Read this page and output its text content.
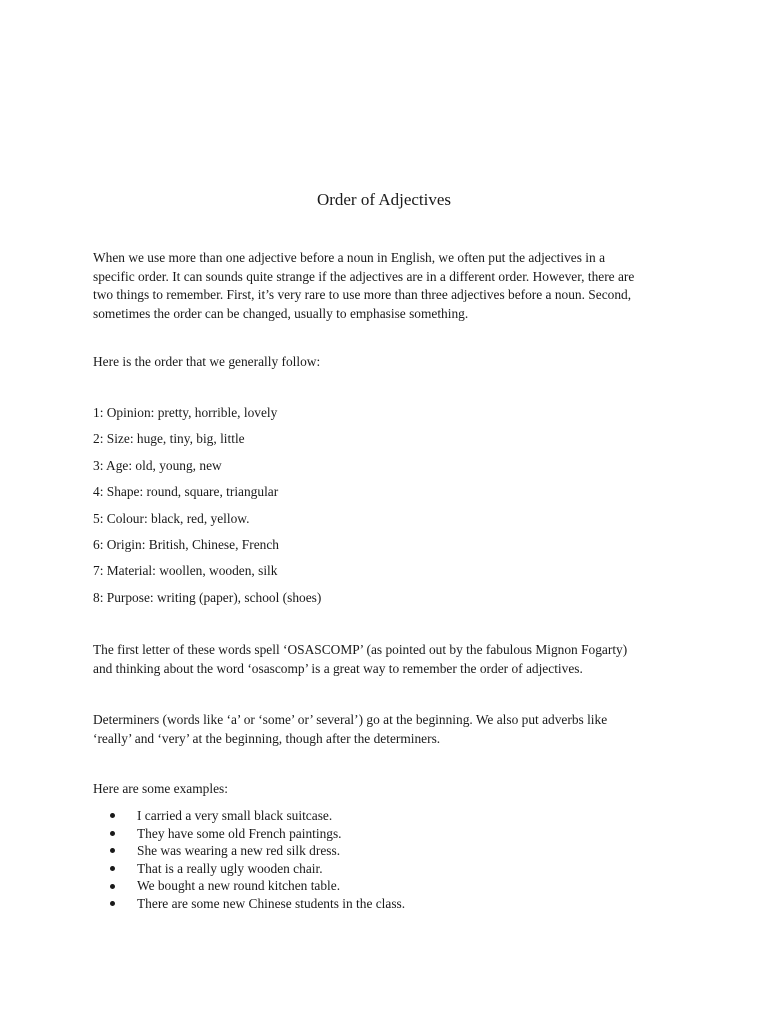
Order of Adjectives

When we use more than one adjective before a noun in English, we often put the adjectives in a specific order. It can sounds quite strange if the adjectives are in a different order. However, there are two things to remember. First, it’s very rare to use more than three adjectives before a noun. Second, sometimes the order can be changed, usually to emphasise something.

Here is the order that we generally follow:

1: Opinion: pretty, horrible, lovely
2: Size: huge, tiny, big, little
3: Age: old, young, new
4: Shape: round, square, triangular
5: Colour: black, red, yellow.
6: Origin: British, Chinese, French
7: Material: woollen, wooden, silk
8: Purpose: writing (paper), school (shoes)

The first letter of these words spell ‘OSASCOMP’ (as pointed out by the fabulous Mignon Fogarty) and thinking about the word ‘osascomp’ is a great way to remember the order of adjectives.

Determiners (words like ‘a’ or ‘some’ or’ several’) go at the beginning. We also put adverbs like ‘really’ and ‘very’ at the beginning, though after the determiners.

Here are some examples:

I carried a very small black suitcase.
They have some old French paintings.
She was wearing a new red silk dress.
That is a really ugly wooden chair.
We bought a new round kitchen table.
There are some new Chinese students in the class.
